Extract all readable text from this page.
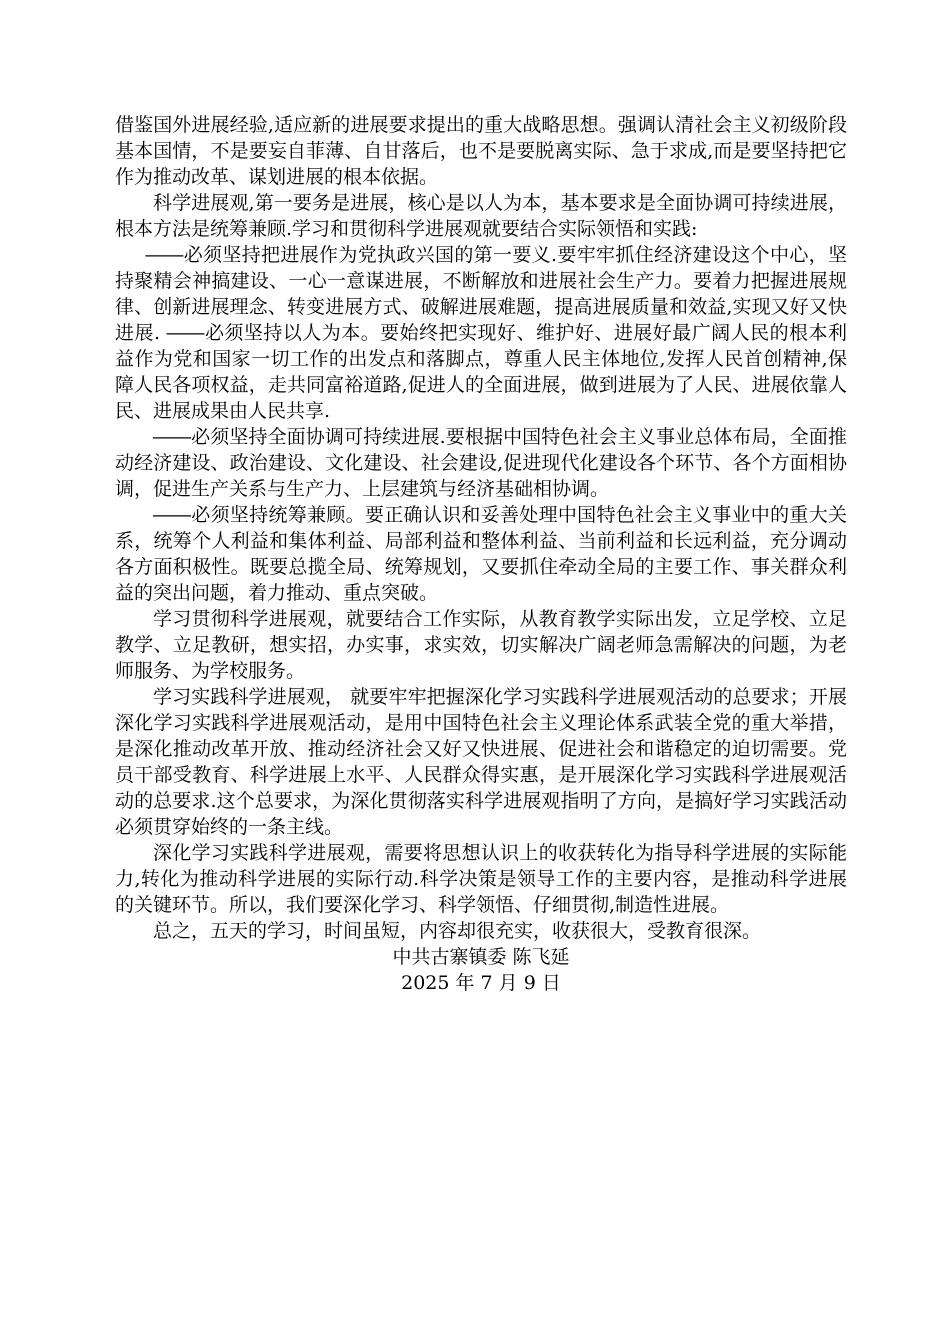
借鉴国外进展经验,适应新的进展要求提出的重大战略思想。强调认清社会主义初级阶段基本国情，不是要妄自菲薄、自甘落后，也不是要脱离实际、急于求成,而是要坚持把它作为推动改革、谋划进展的根本依据。

科学进展观,第一要务是进展，核心是以人为本，基本要求是全面协调可持续进展，根本方法是统筹兼顾.学习和贯彻科学进展观就要结合实际领悟和实践:

――必须坚持把进展作为党执政兴国的第一要义.要牢牢抓住经济建设这个中心，坚持聚精会神搞建设、一心一意谋进展，不断解放和进展社会生产力。要着力把握进展规律、创新进展理念、转变进展方式、破解进展难题，提高进展质量和效益,实现又好又快进展. ――必须坚持以人为本。要始终把实现好、维护好、进展好最广阔人民的根本利益作为党和国家一切工作的出发点和落脚点，尊重人民主体地位,发挥人民首创精神,保障人民各项权益，走共同富裕道路,促进人的全面进展，做到进展为了人民、进展依靠人民、进展成果由人民共享.

――必须坚持全面协调可持续进展.要根据中国特色社会主义事业总体布局，全面推动经济建设、政治建设、文化建设、社会建设,促进现代化建设各个环节、各个方面相协调，促进生产关系与生产力、上层建筑与经济基础相协调。

――必须坚持统筹兼顾。要正确认识和妥善处理中国特色社会主义事业中的重大关系，统筹个人利益和集体利益、局部利益和整体利益、当前利益和长远利益，充分调动各方面积极性。既要总揽全局、统筹规划，又要抓住牵动全局的主要工作、事关群众利益的突出问题，着力推动、重点突破。

学习贯彻科学进展观，就要结合工作实际，从教育教学实际出发，立足学校、立足教学、立足教研，想实招，办实事，求实效，切实解决广阔老师急需解决的问题，为老师服务、为学校服务。

学习实践科学进展观， 就要牢牢把握深化学习实践科学进展观活动的总要求；开展深化学习实践科学进展观活动，是用中国特色社会主义理论体系武装全党的重大举措，是深化推动改革开放、推动经济社会又好又快进展、促进社会和谐稳定的迫切需要。党员干部受教育、科学进展上水平、人民群众得实惠，是开展深化学习实践科学进展观活动的总要求.这个总要求，为深化贯彻落实科学进展观指明了方向，是搞好学习实践活动必须贯穿始终的一条主线。

深化学习实践科学进展观，需要将思想认识上的收获转化为指导科学进展的实际能力,转化为推动科学进展的实际行动.科学决策是领导工作的主要内容，是推动科学进展的关键环节。所以，我们要深化学习、科学领悟、仔细贯彻,制造性进展。

总之，五天的学习，时间虽短，内容却很充实，收获很大，受教育很深。

中共古寨镇委 陈飞延

2025 年 7 月 9 日
